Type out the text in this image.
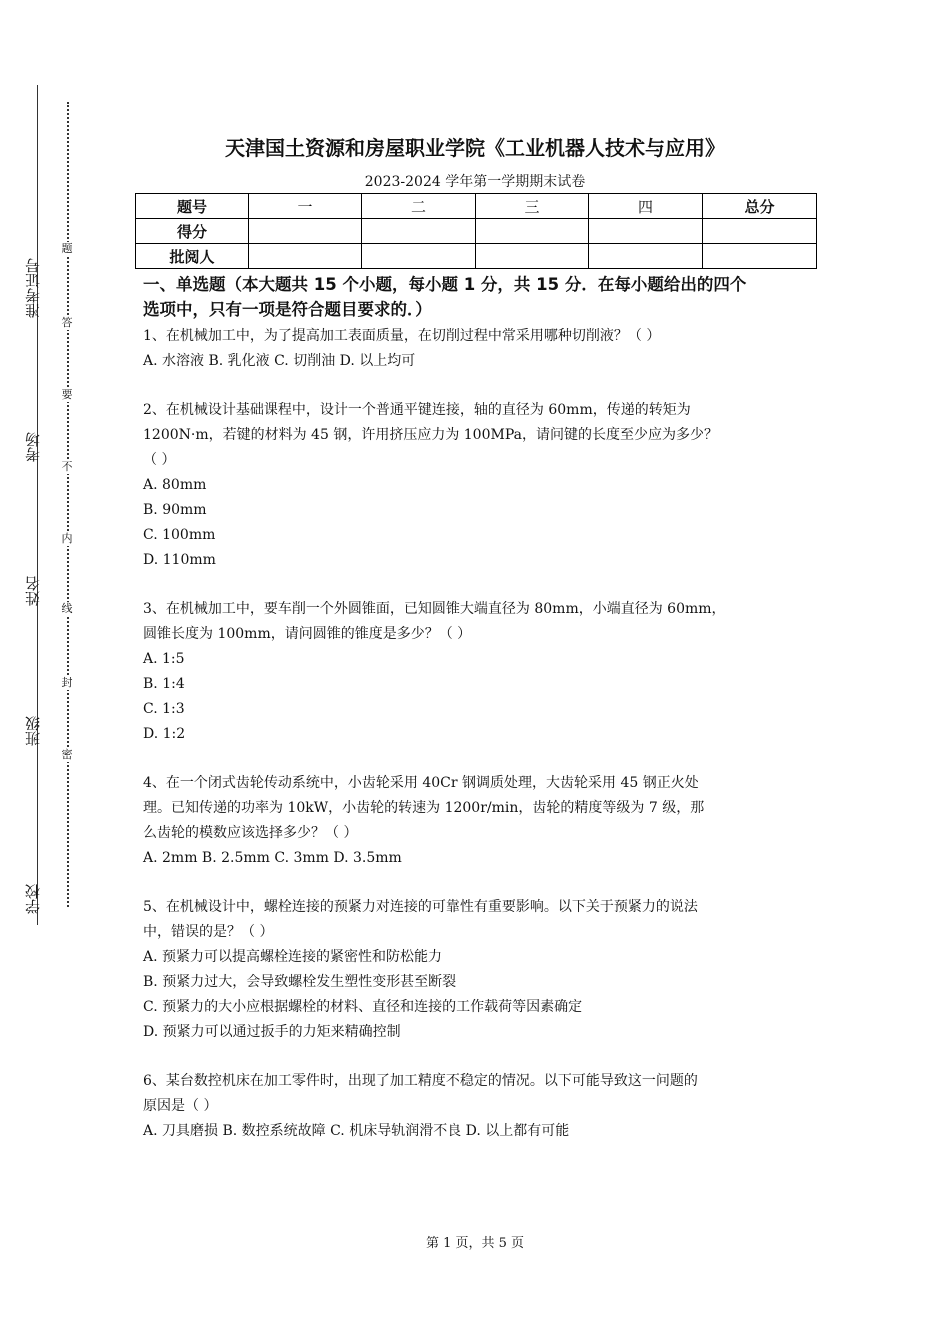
准考证号
考场
姓名
班级
学校
题
答
要
不
内
线
封
密
天津国土资源和房屋职业学院《工业机器人技术与应用》
2023-2024 学年第一学期期末试卷
题号	一	二	三	四	总分
得分					
批阅人					
一、单选题（本大题共 15 个小题，每小题 1 分，共 15 分．在每小题给出的四个
选项中，只有一项是符合题目要求的．）

1、在机械加工中，为了提高加工表面质量，在切削过程中常采用哪种切削液？（ ）

A. 水溶液 B. 乳化液 C. 切削油 D. 以上均可

2、在机械设计基础课程中，设计一个普通平键连接，轴的直径为 60mm，传递的转矩为

1200N·m，若键的材料为 45 钢，许用挤压应力为 100MPa，请问键的长度至少应为多少？

（ ）

A. 80mm

B. 90mm

C. 100mm

D. 110mm

3、在机械加工中，要车削一个外圆锥面，已知圆锥大端直径为 80mm，小端直径为 60mm，

圆锥长度为 100mm，请问圆锥的锥度是多少？（ ）

A. 1:5

B. 1:4

C. 1:3

D. 1:2

4、在一个闭式齿轮传动系统中，小齿轮采用 40Cr 钢调质处理，大齿轮采用 45 钢正火处

理。已知传递的功率为 10kW，小齿轮的转速为 1200r/min，齿轮的精度等级为 7 级，那

么齿轮的模数应该选择多少？（ ）

A. 2mm B. 2.5mm C. 3mm D. 3.5mm

5、在机械设计中，螺栓连接的预紧力对连接的可靠性有重要影响。以下关于预紧力的说法

中，错误的是？（ ）

A. 预紧力可以提高螺栓连接的紧密性和防松能力

B. 预紧力过大，会导致螺栓发生塑性变形甚至断裂

C. 预紧力的大小应根据螺栓的材料、直径和连接的工作载荷等因素确定

D. 预紧力可以通过扳手的力矩来精确控制

6、某台数控机床在加工零件时，出现了加工精度不稳定的情况。以下可能导致这一问题的

原因是（ ）

A. 刀具磨损 B. 数控系统故障 C. 机床导轨润滑不良 D. 以上都有可能

第 1 页，共 5 页
